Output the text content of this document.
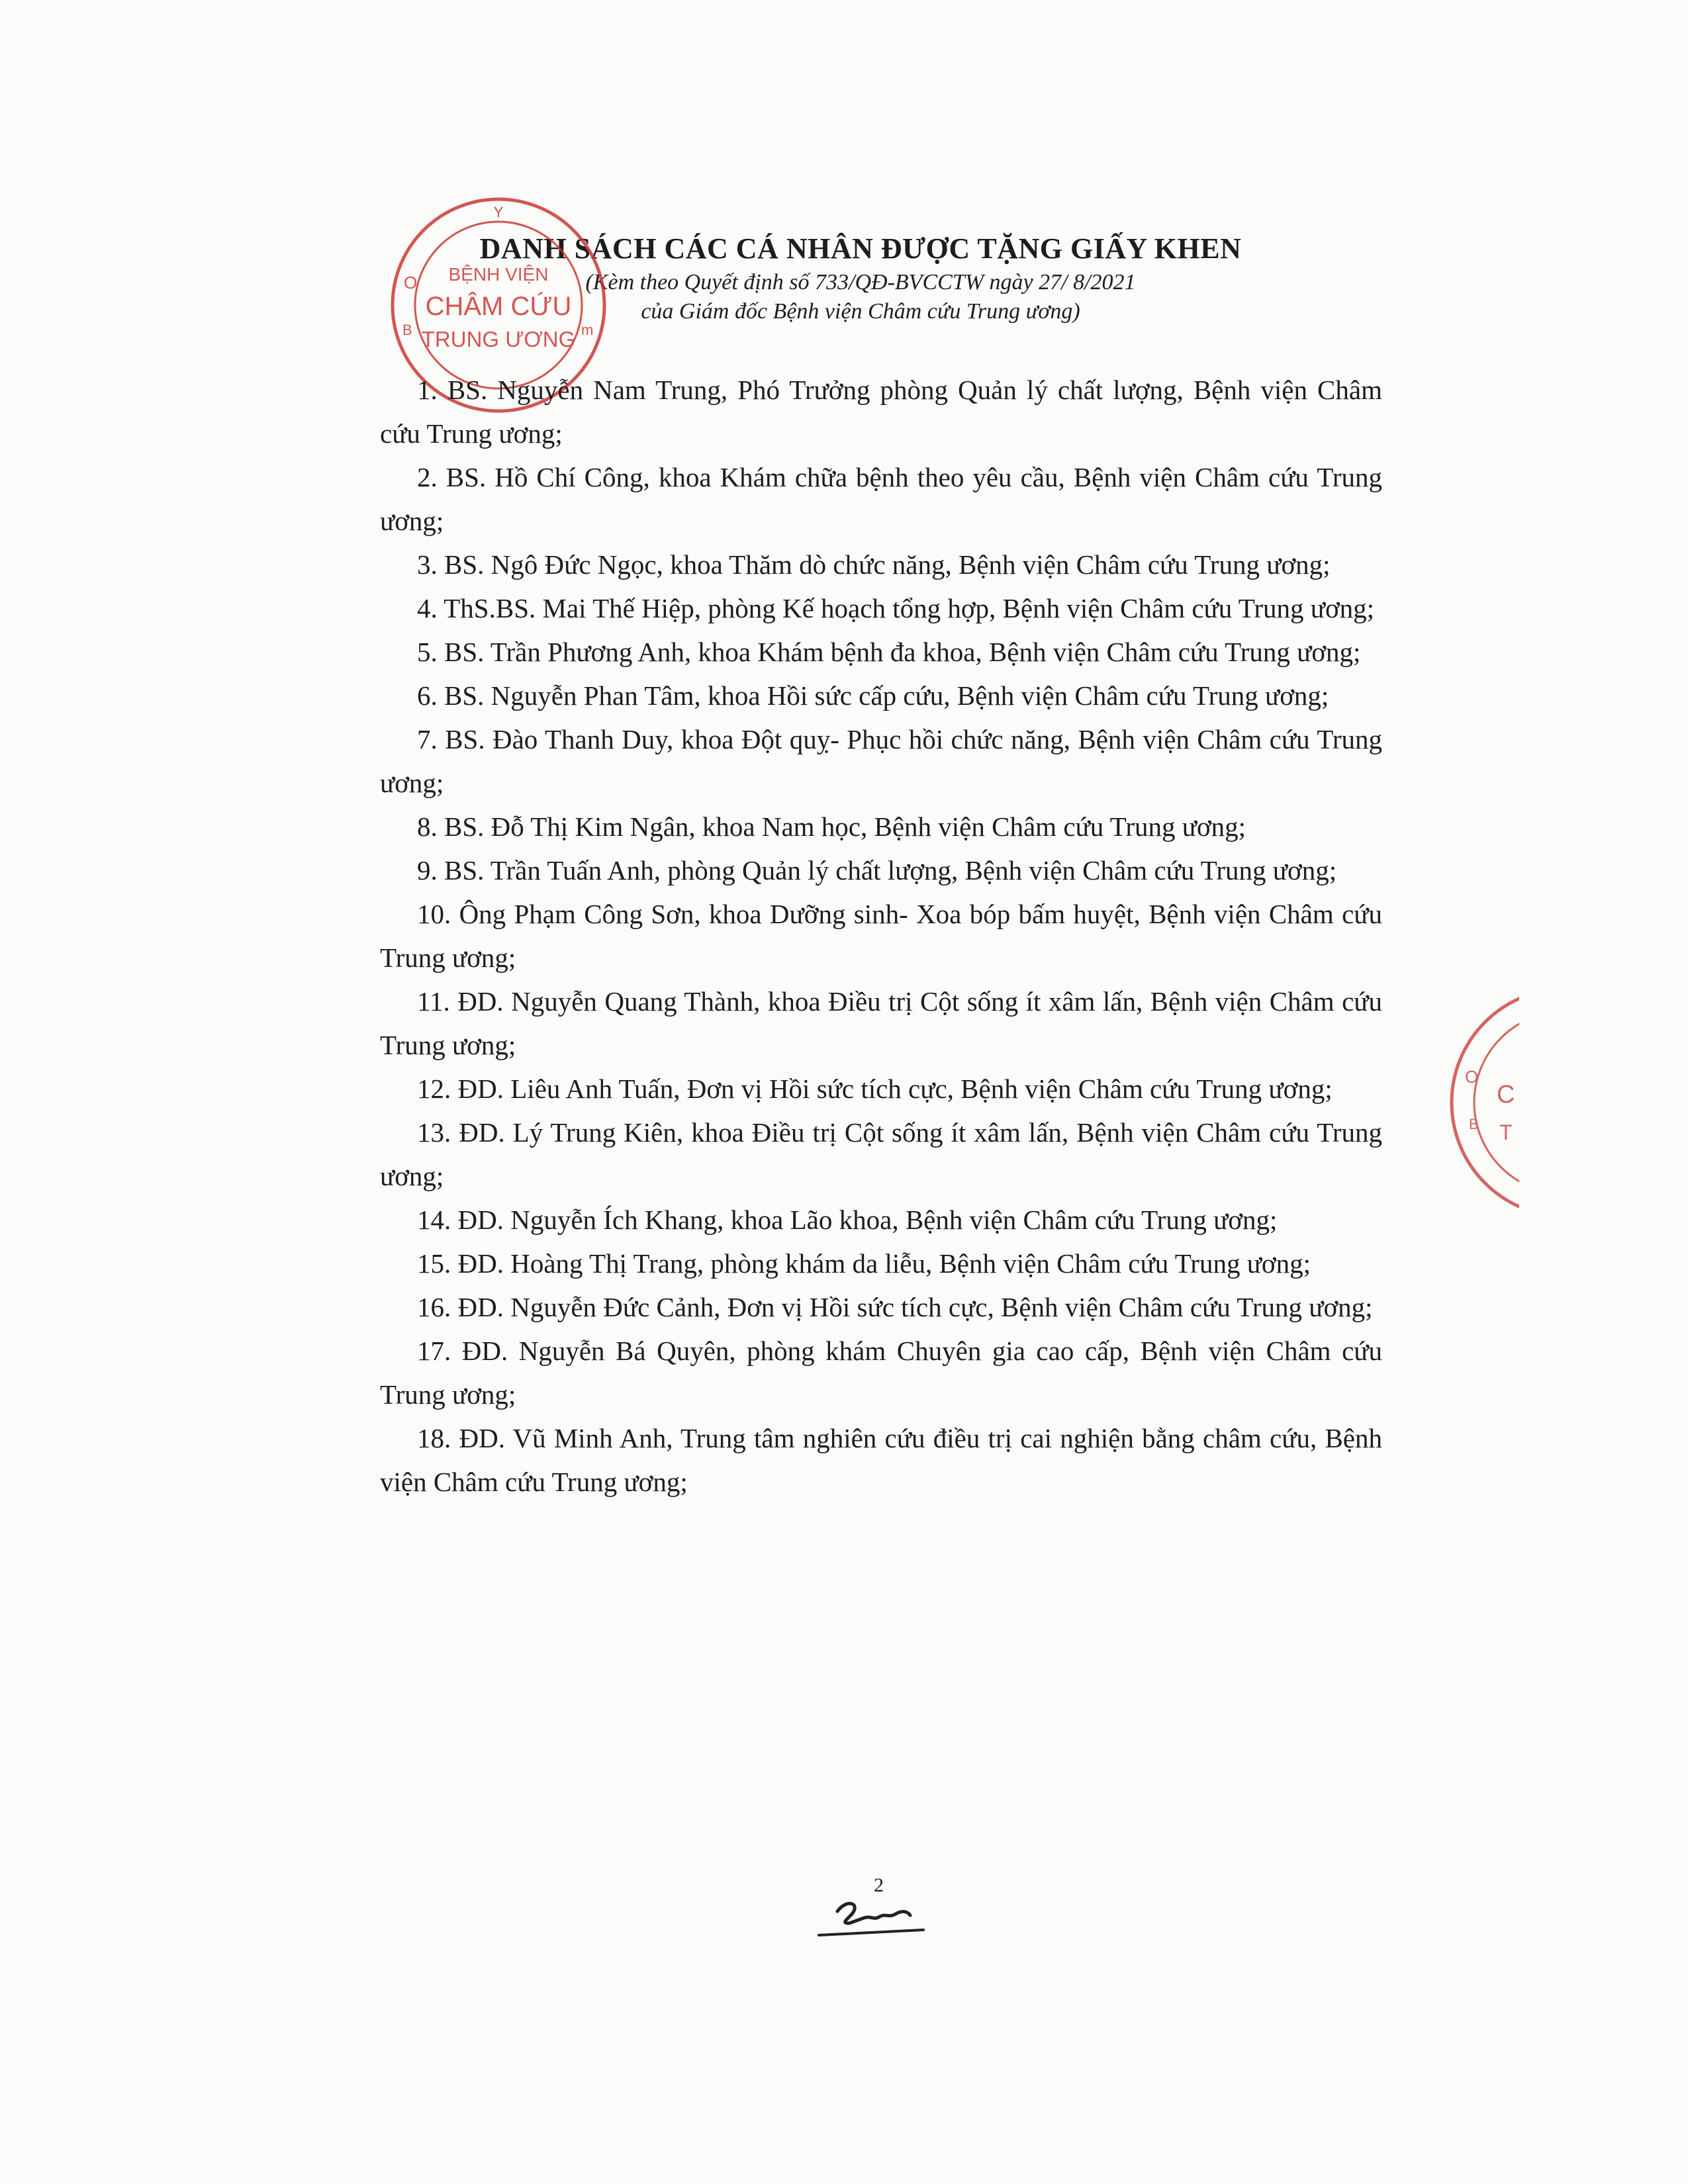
DANH SÁCH CÁC CÁ NHÂN ĐƯỢC TẶNG GIẤY KHEN
(Kèm theo Quyết định số 733/QĐ-BVCCTW ngày 27/ 8/2021
của Giám đốc Bệnh viện Châm cứu Trung ương)
Y
O
B	m
BỆNH VIỆN
CHÂM CỨU
TRUNG ƯƠNG

1. BS. Nguyễn Nam Trung, Phó Trưởng phòng Quản lý chất lượng, Bệnh viện Châm cứu Trung ương;

2. BS. Hồ Chí Công, khoa Khám chữa bệnh theo yêu cầu, Bệnh viện Châm cứu Trung ương;

3. BS. Ngô Đức Ngọc, khoa Thăm dò chức năng, Bệnh viện Châm cứu Trung ương;

4. ThS.BS. Mai Thế Hiệp, phòng Kế hoạch tổng hợp, Bệnh viện Châm cứu Trung ương;

5. BS. Trần Phương Anh, khoa Khám bệnh đa khoa, Bệnh viện Châm cứu Trung ương;

6. BS. Nguyễn Phan Tâm, khoa Hồi sức cấp cứu, Bệnh viện Châm cứu Trung ương;

7. BS. Đào Thanh Duy, khoa Đột quỵ- Phục hồi chức năng, Bệnh viện Châm cứu Trung ương;

8. BS. Đỗ Thị Kim Ngân, khoa Nam học, Bệnh viện Châm cứu Trung ương;

9. BS. Trần Tuấn Anh, phòng Quản lý chất lượng, Bệnh viện Châm cứu Trung ương;

10. Ông Phạm Công Sơn, khoa Dưỡng sinh- Xoa bóp bấm huyệt, Bệnh viện Châm cứu Trung ương;

11. ĐD. Nguyễn Quang Thành, khoa Điều trị Cột sống ít xâm lấn, Bệnh viện Châm cứu Trung ương;

12. ĐD. Liêu Anh Tuấn, Đơn vị Hồi sức tích cực, Bệnh viện Châm cứu Trung ương;

13. ĐD. Lý Trung Kiên, khoa Điều trị Cột sống ít xâm lấn, Bệnh viện Châm cứu Trung ương;

14. ĐD. Nguyễn Ích Khang, khoa Lão khoa, Bệnh viện Châm cứu Trung ương;

15. ĐD. Hoàng Thị Trang, phòng khám da liễu, Bệnh viện Châm cứu Trung ương;

16. ĐD. Nguyễn Đức Cảnh, Đơn vị Hồi sức tích cực, Bệnh viện Châm cứu Trung ương;

17. ĐD. Nguyễn Bá Quyên, phòng khám Chuyên gia cao cấp, Bệnh viện Châm cứu Trung ương;

18. ĐD. Vũ Minh Anh, Trung tâm nghiên cứu điều trị cai nghiện bằng châm cứu, Bệnh viện Châm cứu Trung ương;

O
B
C
T
2
